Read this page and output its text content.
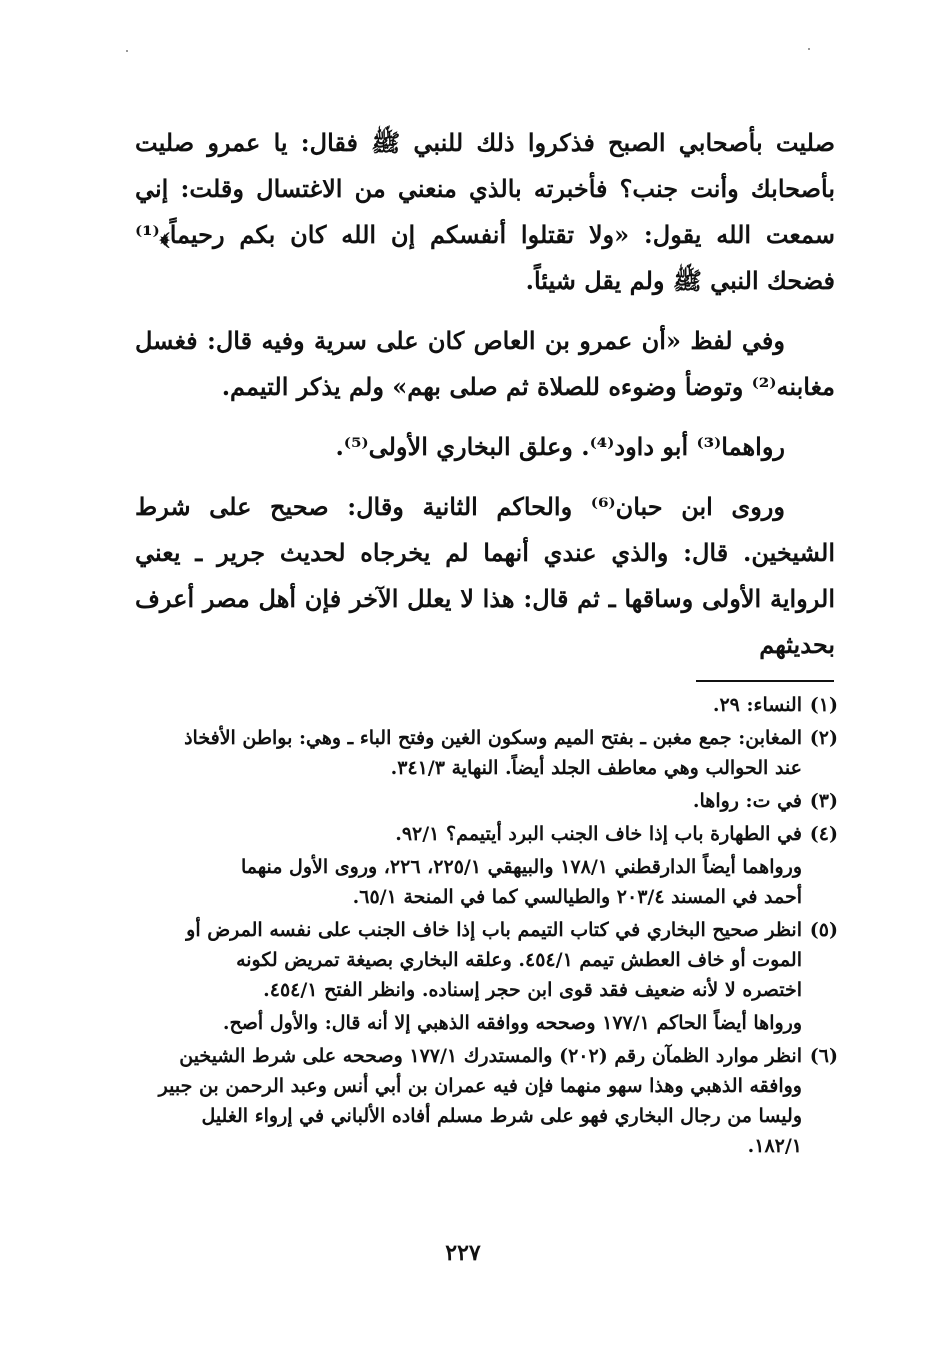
صليت بأصحابي الصبح فذكروا ذلك للنبي ﷺ فقال: يا عمرو صليت بأصحابك وأنت جنب؟ فأخبرته بالذي منعني من الاغتسال وقلت: إني سمعت الله يقول: «ولا تقتلوا أنفسكم إن الله كان بكم رحيماً﴾⁽¹⁾ فضحك النبي ﷺ ولم يقل شيئاً.

وفي لفظ «أن عمرو بن العاص كان على سرية وفيه قال: فغسل مغابنه⁽²⁾ وتوضأ وضوءه للصلاة ثم صلى بهم» ولم يذكر التيمم.

رواهما⁽³⁾ أبو داود⁽⁴⁾. وعلق البخاري الأولى⁽⁵⁾.

وروى ابن حبان⁽⁶⁾ والحاكم الثانية وقال: صحيح على شرط الشيخين. قال: والذي عندي أنهما لم يخرجاه لحديث جرير ـ يعني الرواية الأولى وساقها ـ ثم قال: هذا لا يعلل الآخر فإن أهل مصر أعرف بحديثهم

(١)
النساء: ٢٩.
(٢)
المغابن: جمع مغبن ـ بفتح الميم وسكون الغين وفتح الباء ـ وهي: بواطن الأفخاذ
عند الحوالب وهي معاطف الجلد أيضاً. النهاية ٣٤١/٣.
(٣)
في ت: رواها.
(٤)
في الطهارة باب إذا خاف الجنب البرد أيتيمم؟ ٩٢/١.
ورواهما أيضاً الدارقطني ١٧٨/١ والبيهقي ٢٢٥/١، ٢٢٦، وروى الأول منهما
أحمد في المسند ٢٠٣/٤ والطيالسي كما في المنحة ٦٥/١.
(٥)
انظر صحيح البخاري في كتاب التيمم باب إذا خاف الجنب على نفسه المرض أو
الموت أو خاف العطش تيمم ٤٥٤/١. وعلقه البخاري بصيغة تمريض لكونه
اختصره لا لأنه ضعيف فقد قوى ابن حجر إسناده. وانظر الفتح ٤٥٤/١.
ورواها أيضاً الحاكم ١٧٧/١ وصححه ووافقه الذهبي إلا أنه قال: والأول أصح.
(٦)
انظر موارد الظمآن رقم (٢٠٢) والمستدرك ١٧٧/١ وصححه على شرط الشيخين
ووافقه الذهبي وهذا سهو منهما فإن فيه عمران بن أبي أنس وعبد الرحمن بن جبير
وليسا من رجال البخاري فهو على شرط مسلم أفاده الألباني في إرواء الغليل
١٨٢/١.
٢٢٧
